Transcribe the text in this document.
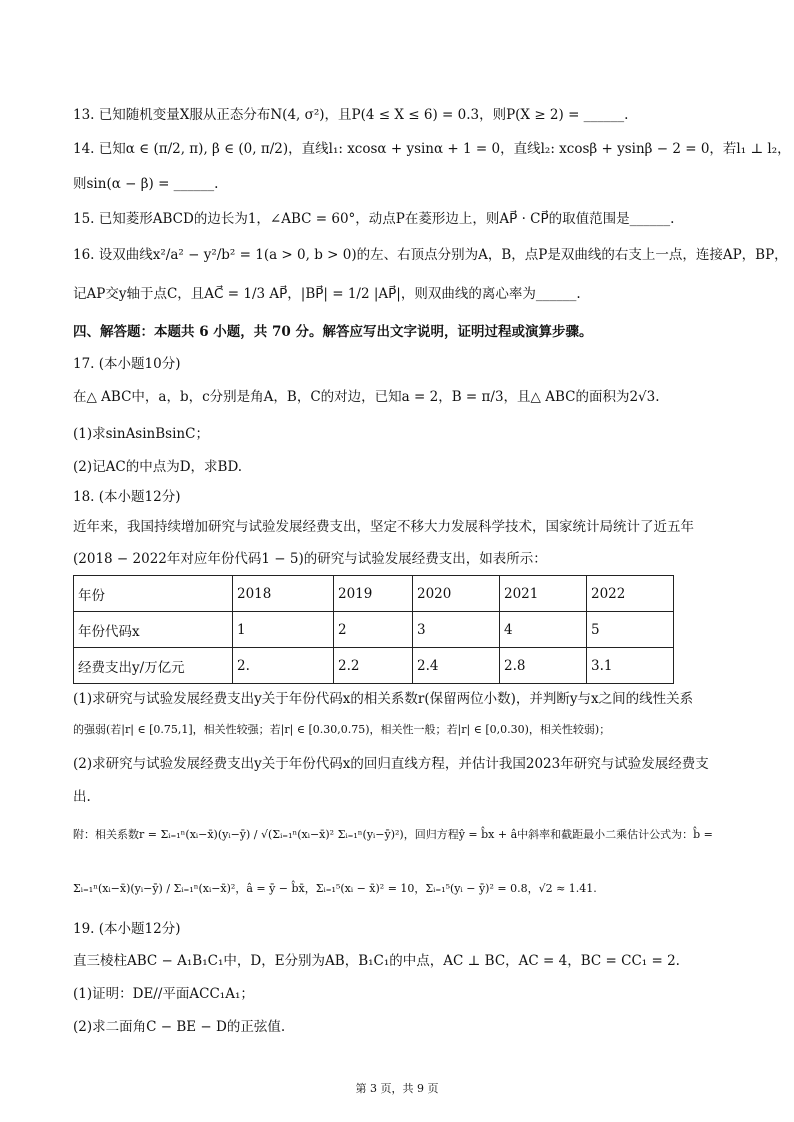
13. 已知随机变量X服从正态分布N(4, σ²)，且P(4 ≤ X ≤ 6) = 0.3，则P(X ≥ 2) = ______.
14. 已知α ∈ (π/2, π), β ∈ (0, π/2)，直线l₁: xcosα + ysinα + 1 = 0，直线l₂: xcosβ + ysinβ − 2 = 0，若l₁ ⊥ l₂，
则sin(α − β) = ______.
15. 已知菱形ABCD的边长为1，∠ABC = 60°，动点P在菱形边上，则AP⃗ · CP⃗的取值范围是______.
16. 设双曲线x²/a² − y²/b² = 1(a > 0, b > 0)的左、右顶点分别为A，B，点P是双曲线的右支上一点，连接AP，BP，
记AP交y轴于点C，且AC⃗ = 1/3 AP⃗，|BP⃗| = 1/2 |AP⃗|，则双曲线的离心率为______.
四、解答题：本题共 6 小题，共 70 分。解答应写出文字说明，证明过程或演算步骤。
17. (本小题10分)
在△ ABC中，a，b，c分别是角A，B，C的对边，已知a = 2，B = π/3，且△ ABC的面积为2√3.
(1)求sinAsinBsinC；
(2)记AC的中点为D，求BD.
18. (本小题12分)
近年来，我国持续增加研究与试验发展经费支出，坚定不移大力发展科学技术，国家统计局统计了近五年
(2018 − 2022年对应年份代码1 − 5)的研究与试验发展经费支出，如表所示：
年份	2018	2019	2020	2021	2022
年份代码x	1	2	3	4	5
经费支出y/万亿元	2.	2.2	2.4	2.8	3.1
(1)求研究与试验发展经费支出y关于年份代码x的相关系数r(保留两位小数)，并判断y与x之间的线性关系
的强弱(若|r| ∈ [0.75,1]，相关性较强；若|r| ∈ [0.30,0.75)，相关性一般；若|r| ∈ [0,0.30)，相关性较弱)；
(2)求研究与试验发展经费支出y关于年份代码x的回归直线方程，并估计我国2023年研究与试验发展经费支
出.
附：相关系数r = Σᵢ₌₁ⁿ(xᵢ−x̄)(yᵢ−ȳ) / √(Σᵢ₌₁ⁿ(xᵢ−x̄)² Σᵢ₌₁ⁿ(yᵢ−ȳ)²)，回归方程ŷ = b̂x + â中斜率和截距最小二乘估计公式为：b̂ =
Σᵢ₌₁ⁿ(xᵢ−x̄)(yᵢ−ȳ) / Σᵢ₌₁ⁿ(xᵢ−x̄)²，â = ȳ − b̂x̄，Σᵢ₌₁⁵(xᵢ − x̄)² = 10，Σᵢ₌₁⁵(yᵢ − ȳ)² = 0.8，√2 ≈ 1.41.
19. (本小题12分)
直三棱柱ABC − A₁B₁C₁中，D，E分别为AB，B₁C₁的中点，AC ⊥ BC，AC = 4，BC = CC₁ = 2.
(1)证明：DE//平面ACC₁A₁；
(2)求二面角C − BE − D的正弦值.
第 3 页，共 9 页
